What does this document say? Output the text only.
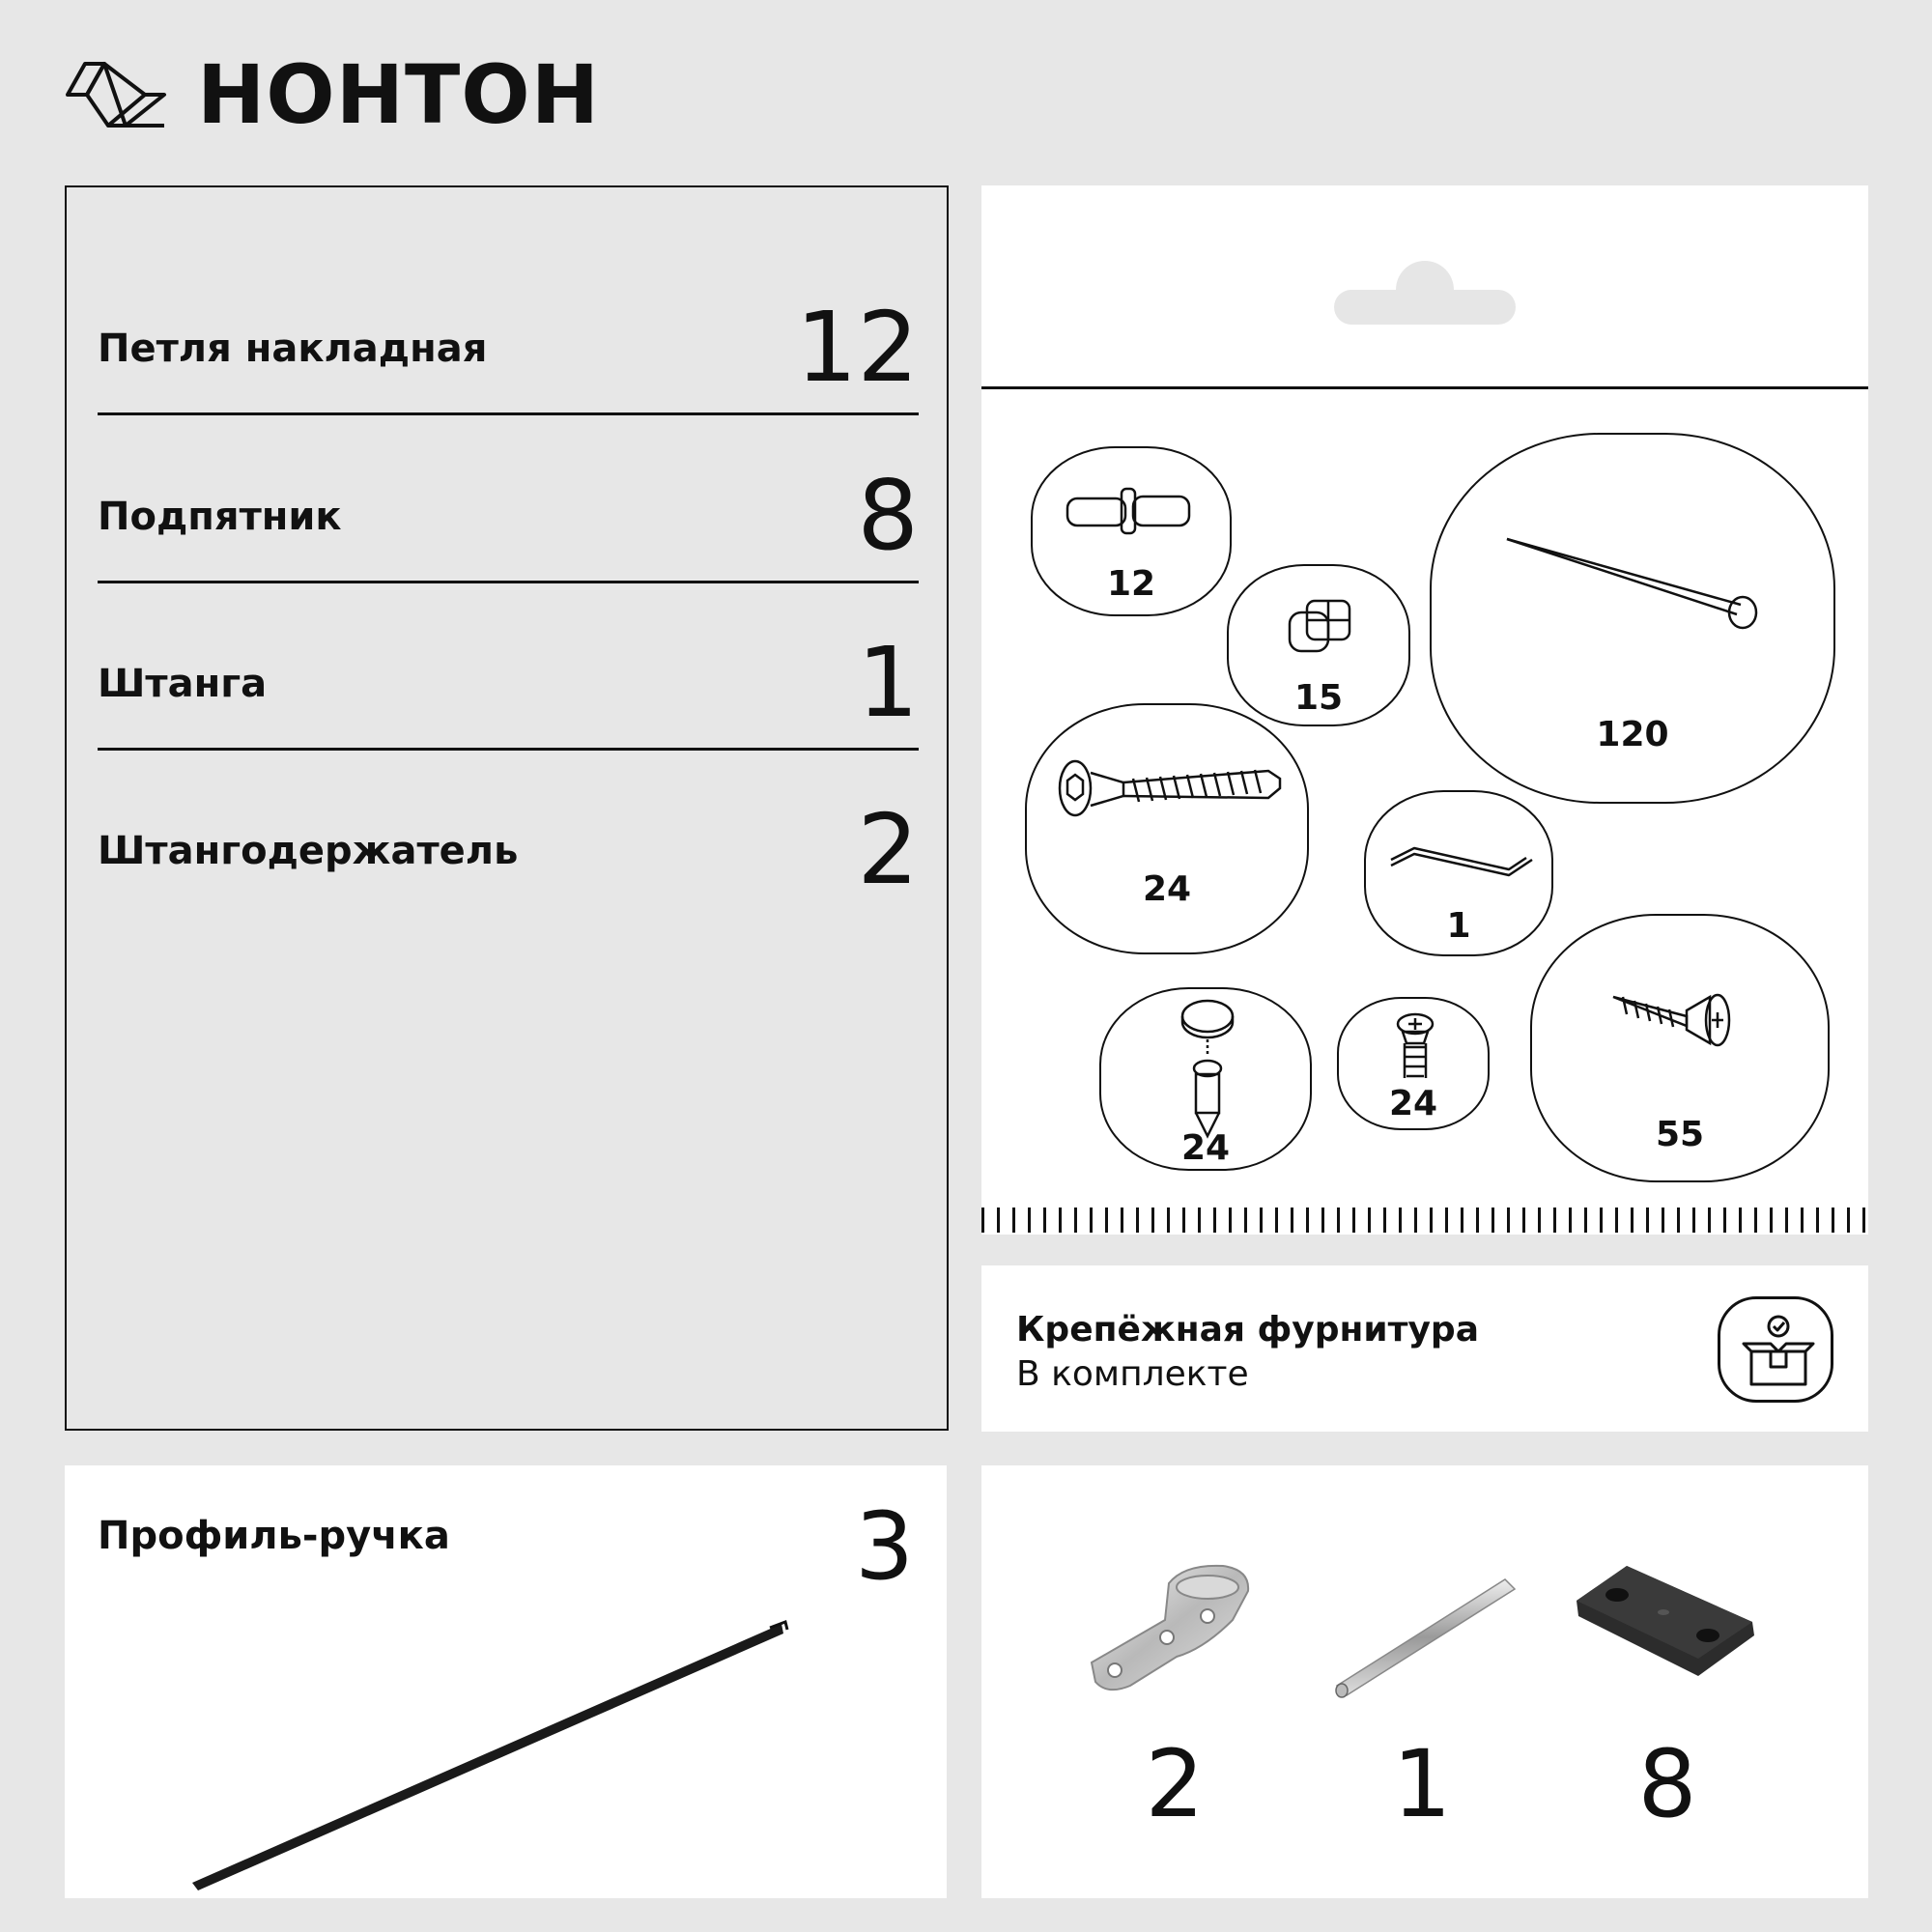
НОНТОН
Петля накладная	12
Подпятник	8
Штанга	1
Штангодержатель	2
12
15
120
24
1
24
24
55
Крепёжная фурнитура
В комплекте
Профиль-ручка	3
2	1	8
